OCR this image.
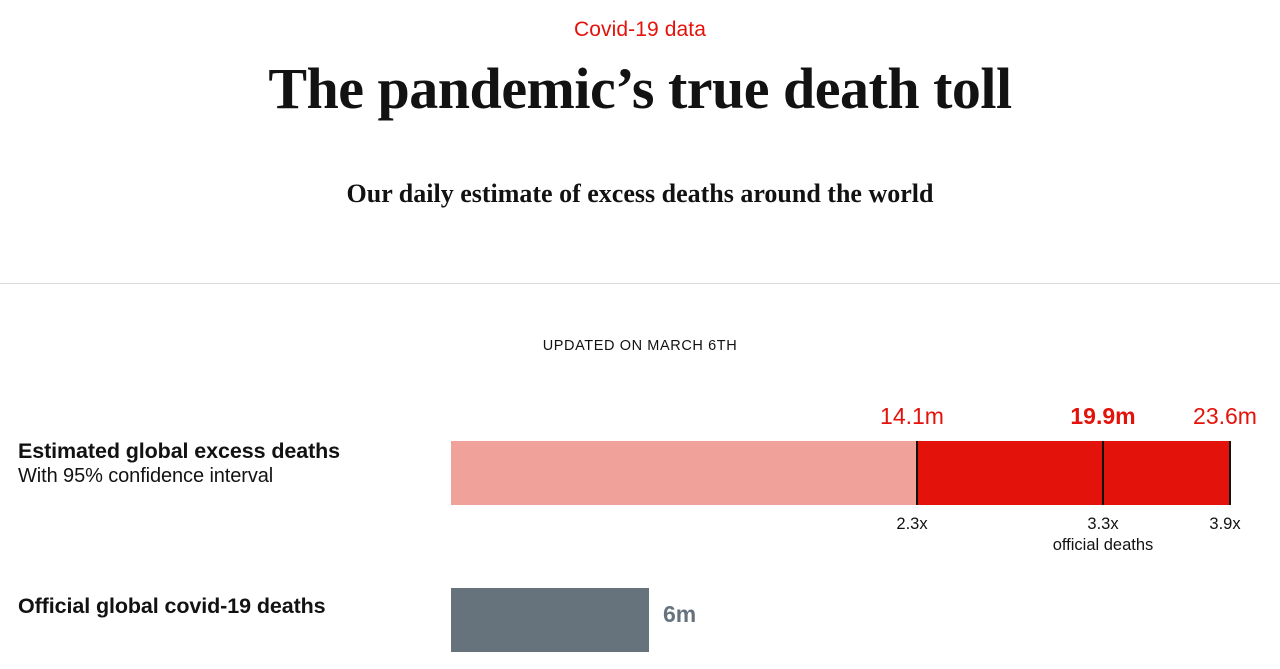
Covid-19 data
The pandemic’s true death toll
Our daily estimate of excess deaths around the world
UPDATED ON MARCH 6TH
Estimated global excess deaths
With 95% confidence interval
Official global covid-19 deaths
14.1m	19.9m 23.6m
2.3x	3.3x
official deaths
3.9x
6m
